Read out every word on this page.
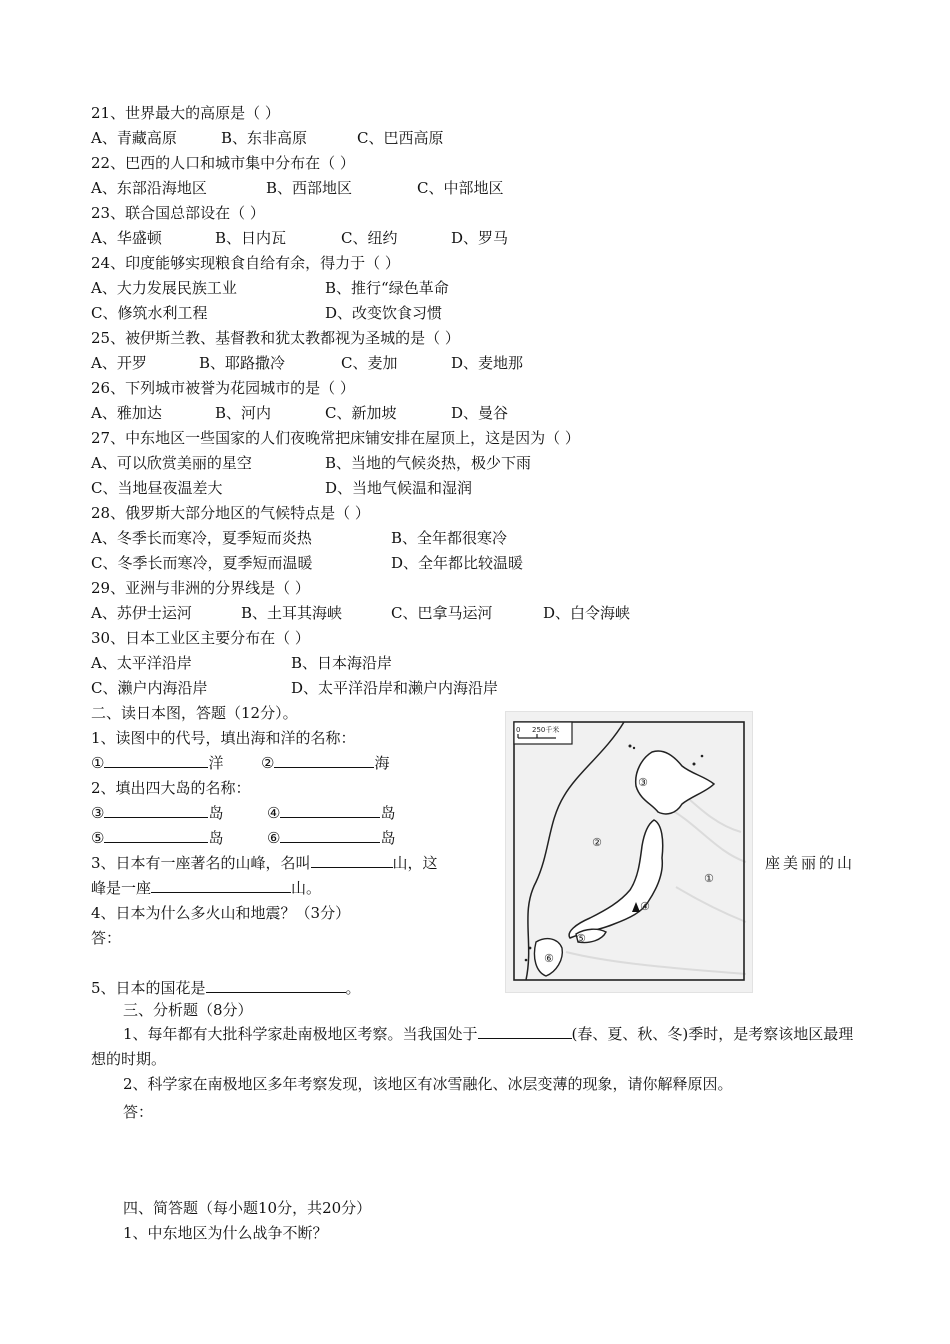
21、世界最大的高原是（ ）
A、青藏高原	B、东非高原	C、巴西高原
22、巴西的人口和城市集中分布在（ ）
A、东部沿海地区	B、西部地区	C、中部地区
23、联合国总部设在（ ）
A、华盛顿	B、日内瓦	C、纽约	D、罗马
24、印度能够实现粮食自给有余，得力于（ ）
A、大力发展民族工业	B、推行“绿色革命
C、修筑水利工程	D、改变饮食习惯
25、被伊斯兰教、基督教和犹太教都视为圣城的是（ ）
A、开罗	B、耶路撒冷	C、麦加	D、麦地那
26、下列城市被誉为花园城市的是（ ）
A、雅加达	B、河内	C、新加坡	D、曼谷
27、中东地区一些国家的人们夜晚常把床铺安排在屋顶上，这是因为（ ）
A、可以欣赏美丽的星空	B、当地的气候炎热，极少下雨
C、当地昼夜温差大	D、当地气候温和湿润
28、俄罗斯大部分地区的气候特点是（ ）
A、冬季长而寒冷，夏季短而炎热	B、全年都很寒冷
C、冬季长而寒冷，夏季短而温暖	D、全年都比较温暖
29、亚洲与非洲的分界线是（ ）
A、苏伊士运河	B、土耳其海峡	C、巴拿马运河	D、白令海峡
30、日本工业区主要分布在（ ）
A、太平洋沿岸	B、日本海沿岸
C、濑户内海沿岸	D、太平洋沿岸和濑户内海沿岸
二、读日本图，答题（12分）。
1、读图中的代号，填出海和洋的名称：
①	洋	②	海
2、填出四大岛的名称：
③	岛	④	岛
⑤	岛	⑥	岛
3、日本有一座著名的山峰，名叫	山，这	座美丽的山
峰是一座	山。
4、日本为什么多火山和地震？（3分）
答：
5、日本的国花是	。
0 250千米
①
②
③
④
⑤
⑥
三、分析题（8分）
1、每年都有大批科学家赴南极地区考察。当我国处于	(春、夏、秋、冬)季时，是考察该地区最理想的时期。
2、科学家在南极地区多年考察发现，该地区有冰雪融化、冰层变薄的现象，请你解释原因。
答：
四、简答题（每小题10分，共20分）
1、中东地区为什么战争不断？
